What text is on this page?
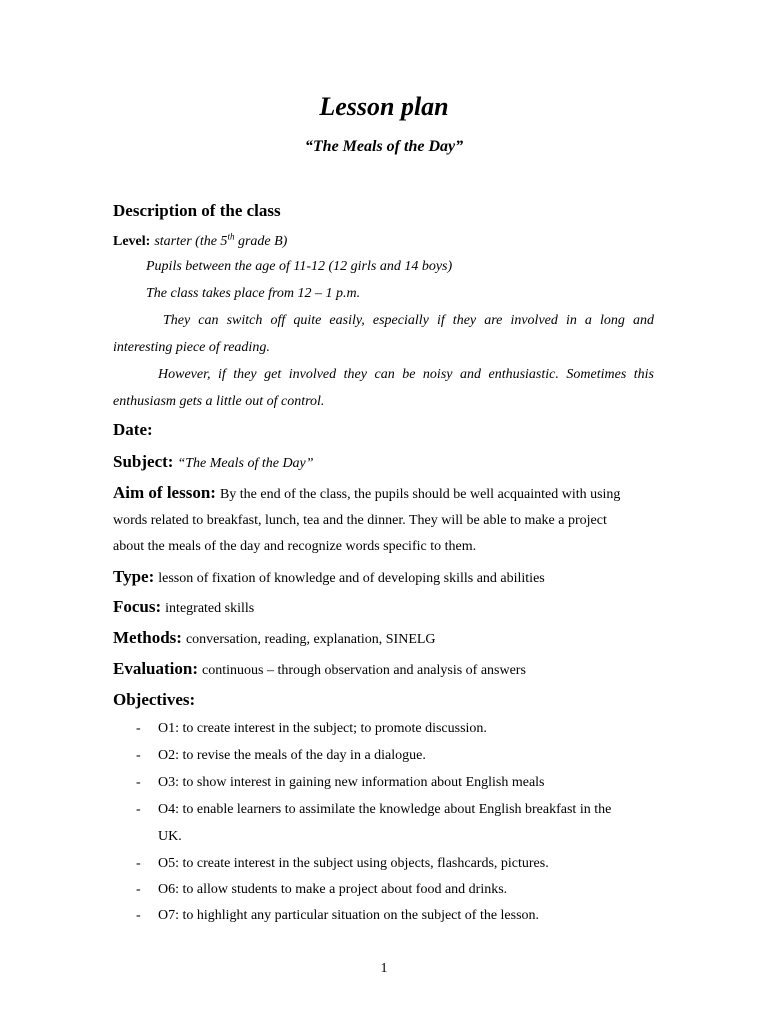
Lesson plan
“The Meals of the Day”
Description of the class
Level: starter (the 5th grade B)
Pupils between the age of 11-12 (12 girls and 14 boys)
The class takes place from 12 – 1 p.m.
They can switch off quite easily, especially if they are involved in a long and
interesting piece of reading.
However, if they get involved they can be noisy and enthusiastic. Sometimes this
enthusiasm gets a little out of control.
Date:
Subject: “The Meals of the Day”
Aim of lesson: By the end of the class, the pupils should be well acquainted with using
words related to breakfast, lunch, tea and the dinner. They will be able to make a project
about the meals of the day and recognize words specific to them.
Type: lesson of fixation of knowledge and of developing skills and abilities
Focus: integrated skills
Methods: conversation, reading, explanation, SINELG
Evaluation: continuous – through observation and analysis of answers
Objectives:
- O1: to create interest in the subject; to promote discussion.
- O2: to revise the meals of the day in a dialogue.
- O3: to show interest in gaining new information about English meals
- O4: to enable learners to assimilate the knowledge about English breakfast in the
UK.
- O5: to create interest in the subject using objects, flashcards, pictures.
- O6: to allow students to make a project about food and drinks.
- O7: to highlight any particular situation on the subject of the lesson.
1
